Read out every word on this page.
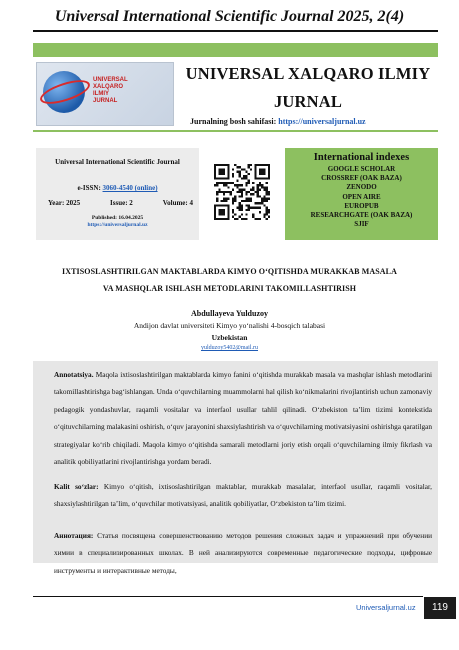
Universal International Scientific Journal 2025, 2(4)
UNIVERSAL
XALQARO
ILMIY
JURNAL
UNIVERSAL XALQARO ILMIY JURNAL
Jurnalning bosh sahifasi: https://universaljurnal.uz
Universal International Scientific Journal
e-ISSN: 3060-4540 (online)
Year: 2025	Issue: 2	Volume: 4
Published: 16.04.2025
https://universaljurnal.uz
International indexes
GOOGLE SCHOLAR
CROSSREF (OAK BAZA)
ZENODO
OPEN AIRE
EUROPUB
RESEARCHGATE (OAK BAZA)
SJIF
IXTISOSLASHTIRILGAN MAKTABLARDA KIMYO O‘QITISHDA MURAKKAB MASALA
VA MASHQLAR ISHLASH METODLARINI TAKOMILLASHTIRISH
Abdullayeva Yulduzoy
Andijon davlat universiteti Kimyo yo‘nalishi 4-bosqich talabasi
Uzbekistan
yulduzoy5402@mail.ru
Annotatsiya. Maqola ixtisoslashtirilgan maktablarda kimyo fanini o‘qitishda murakkab masala va mashqlar ishlash metodlarini takomillashtirishga bag‘ishlangan. Unda o‘quvchilarning muammolarni hal qilish ko‘nikmalarini rivojlantirish uchun zamonaviy pedagogik yondashuvlar, raqamli vositalar va interfaol usullar tahlil qilinadi. O‘zbekiston ta’lim tizimi kontekstida o‘qituvchilarning malakasini oshirish, o‘quv jarayonini shaxsiylashtirish va o‘quvchilarning motivatsiyasini oshirishga qaratilgan strategiyalar ko‘rib chiqiladi. Maqola kimyo o‘qitishda samarali metodlarni joriy etish orqali o‘quvchilarning ilmiy fikrlash va analitik qobiliyatlarini rivojlantirishga yordam beradi.
Kalit so‘zlar: Kimyo o‘qitish, ixtisoslashtirilgan maktablar, murakkab masalalar, interfaol usullar, raqamli vositalar, shaxsiylashtirilgan ta’lim, o‘quvchilar motivatsiyasi, analitik qobiliyatlar, O‘zbekiston ta’lim tizimi.
Аннотация: Статья посвящена совершенствованию методов решения сложных задач и упражнений при обучении химии в специализированных школах. В ней анализируются современные педагогические подходы, цифровые инструменты и интерактивные методы,
Universaljurnal.uz	119
